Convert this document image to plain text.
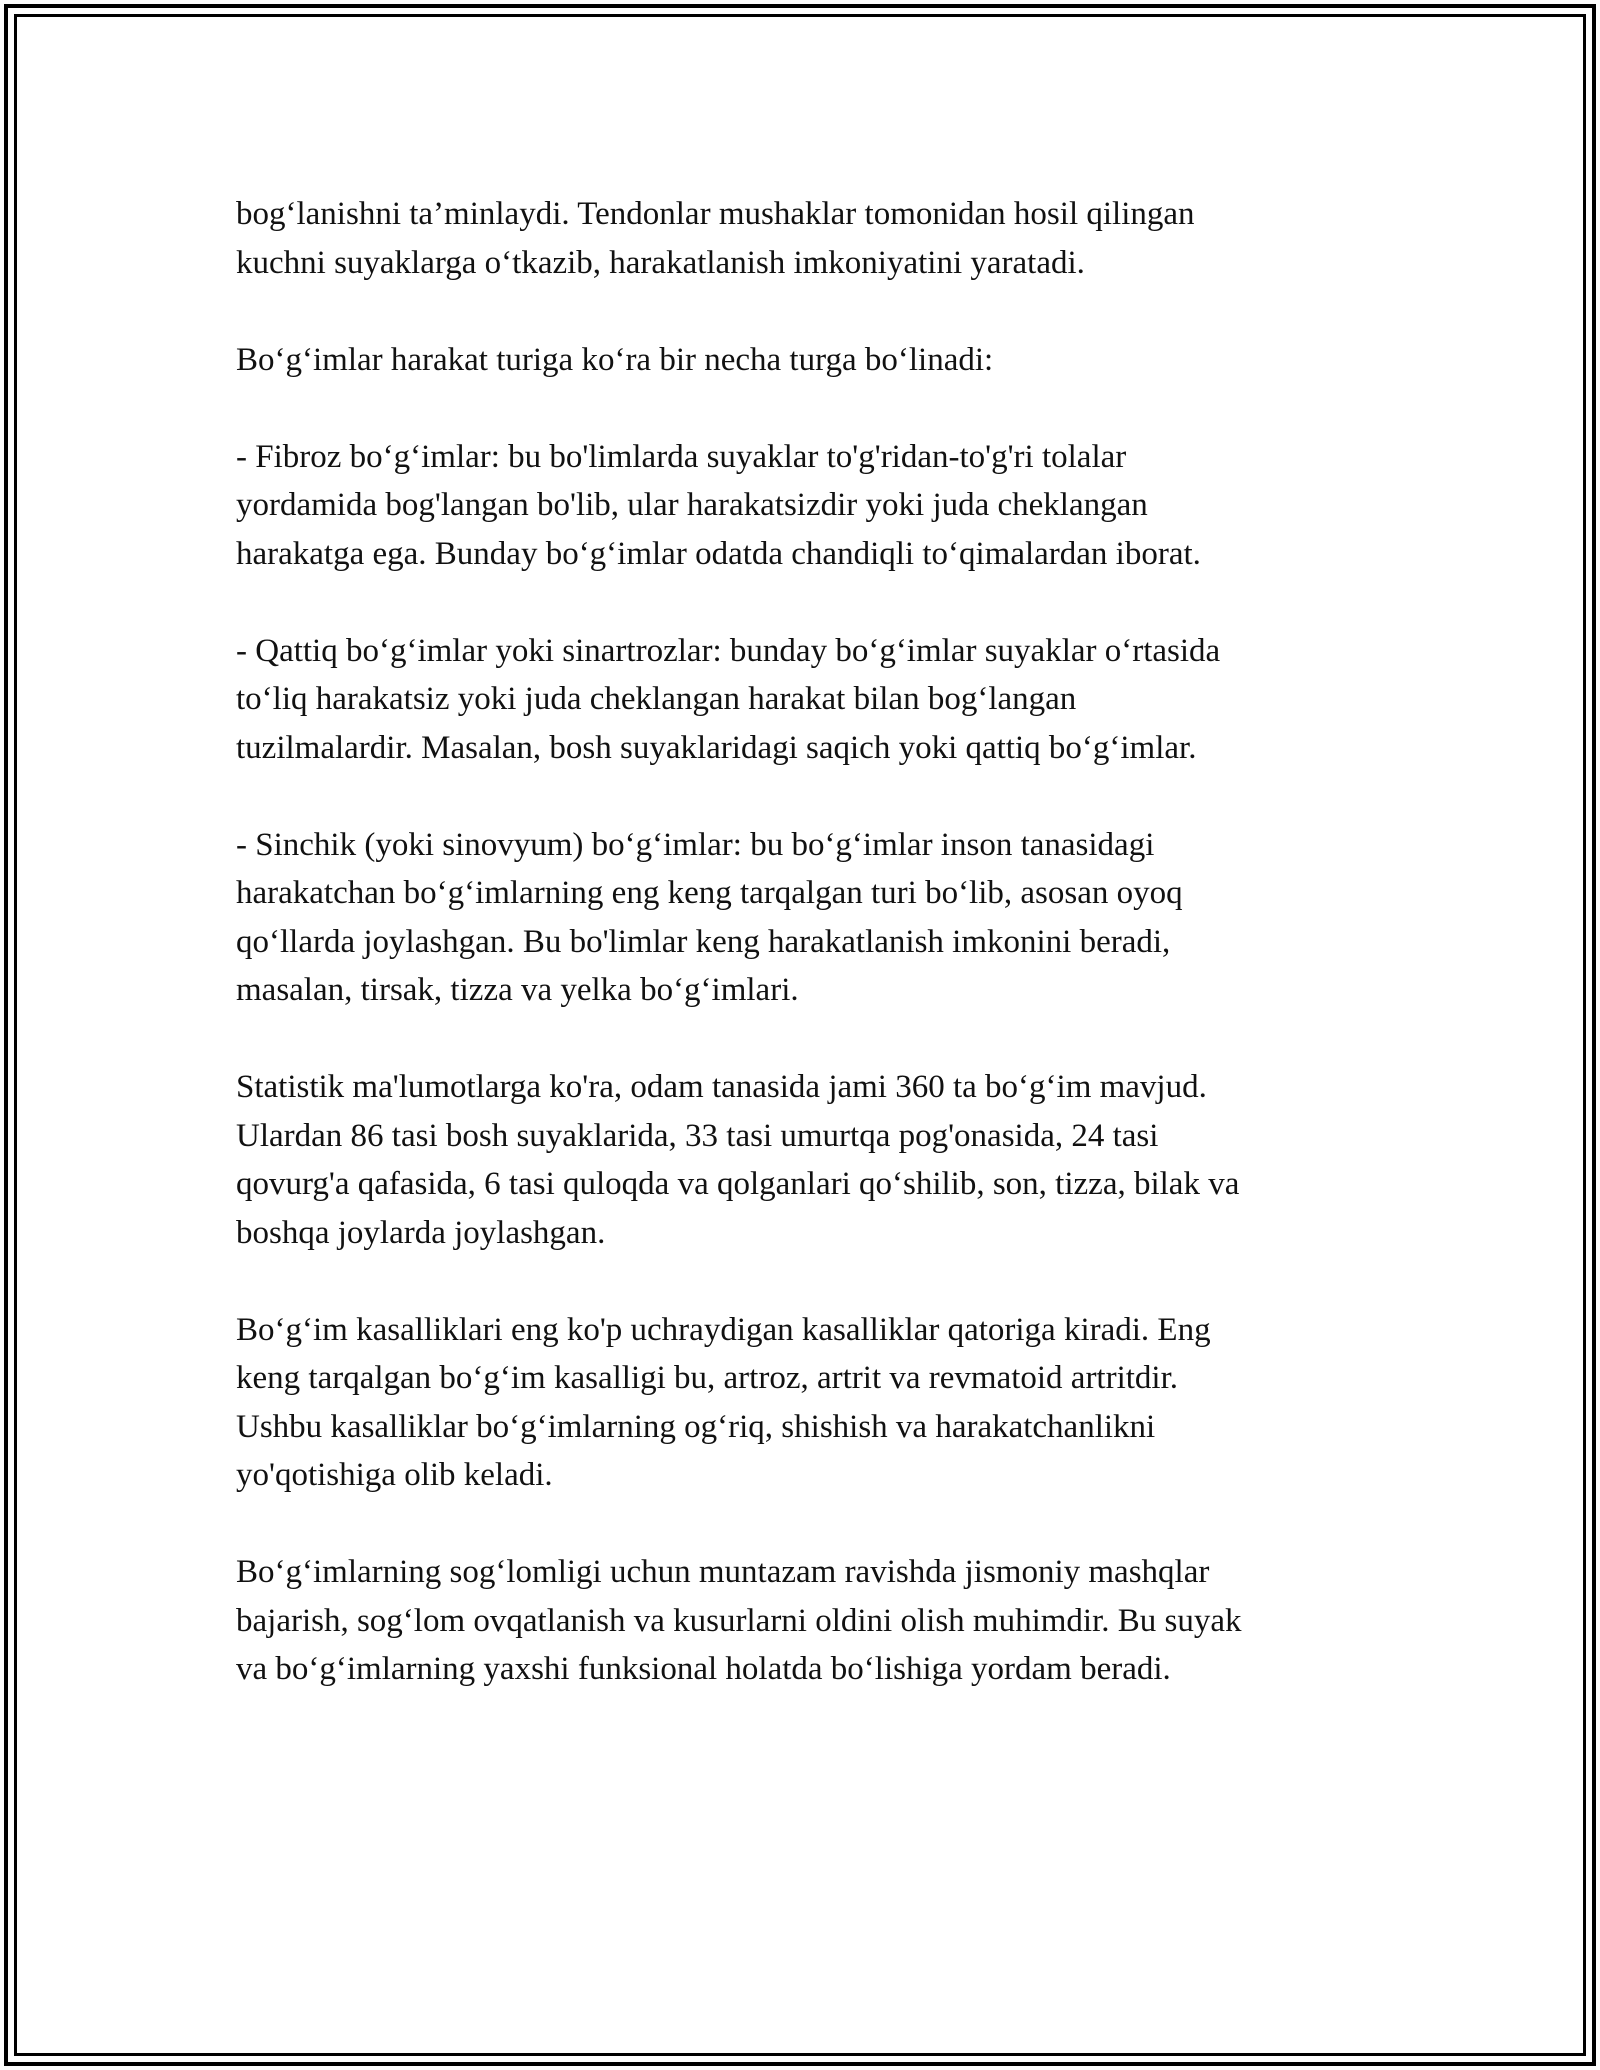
bog‘lanishni ta’minlaydi. Tendonlar mushaklar tomonidan hosil qilingan
kuchni suyaklarga o‘tkazib, harakatlanish imkoniyatini yaratadi.

Bo‘g‘imlar harakat turiga ko‘ra bir necha turga bo‘linadi:

- Fibroz bo‘g‘imlar: bu bo'limlarda suyaklar to'g'ridan-to'g'ri tolalar
yordamida bog'langan bo'lib, ular harakatsizdir yoki juda cheklangan
harakatga ega. Bunday bo‘g‘imlar odatda chandiqli to‘qimalardan iborat.

- Qattiq bo‘g‘imlar yoki sinartrozlar: bunday bo‘g‘imlar suyaklar o‘rtasida
to‘liq harakatsiz yoki juda cheklangan harakat bilan bog‘langan
tuzilmalardir. Masalan, bosh suyaklaridagi saqich yoki qattiq bo‘g‘imlar.

- Sinchik (yoki sinovyum) bo‘g‘imlar: bu bo‘g‘imlar inson tanasidagi
harakatchan bo‘g‘imlarning eng keng tarqalgan turi bo‘lib, asosan oyoq
qo‘llarda joylashgan. Bu bo'limlar keng harakatlanish imkonini beradi,
masalan, tirsak, tizza va yelka bo‘g‘imlari.

Statistik ma'lumotlarga ko'ra, odam tanasida jami 360 ta bo‘g‘im mavjud.
Ulardan 86 tasi bosh suyaklarida, 33 tasi umurtqa pog'onasida, 24 tasi
qovurg'a qafasida, 6 tasi quloqda va qolganlari qo‘shilib, son, tizza, bilak va
boshqa joylarda joylashgan.

Bo‘g‘im kasalliklari eng ko'p uchraydigan kasalliklar qatoriga kiradi. Eng
keng tarqalgan bo‘g‘im kasalligi bu, artroz, artrit va revmatoid artritdir.
Ushbu kasalliklar bo‘g‘imlarning og‘riq, shishish va harakatchanlikni
yo'qotishiga olib keladi.

Bo‘g‘imlarning sog‘lomligi uchun muntazam ravishda jismoniy mashqlar
bajarish, sog‘lom ovqatlanish va kusurlarni oldini olish muhimdir. Bu suyak
va bo‘g‘imlarning yaxshi funksional holatda bo‘lishiga yordam beradi.
